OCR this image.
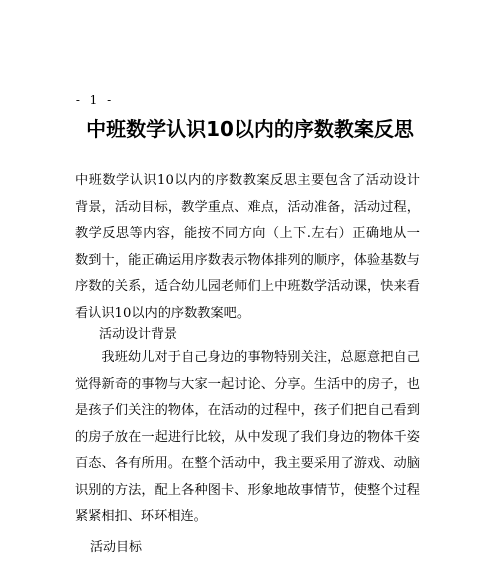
- 1 -
中班数学认识10以内的序数教案反思

中班数学认识10以内的序数教案反思主要包含了活动设计背景，活动目标，教学重点、难点，活动准备，活动过程，教学反思等内容，能按不同方向（上下.左右）正确地从一数到十，能正确运用序数表示物体排列的顺序，体验基数与序数的关系，适合幼儿园老师们上中班数学活动课，快来看看认识10以内的序数教案吧。

活动设计背景

我班幼儿对于自己身边的事物特别关注，总愿意把自己觉得新奇的事物与大家一起讨论、分享。生活中的房子，也是孩子们关注的物体，在活动的过程中，孩子们把自己看到的房子放在一起进行比较，从中发现了我们身边的物体千姿百态、各有所用。在整个活动中，我主要采用了游戏、动脑识别的方法，配上各种图卡、形象地故事情节，使整个过程紧紧相扣、环环相连。

活动目标
